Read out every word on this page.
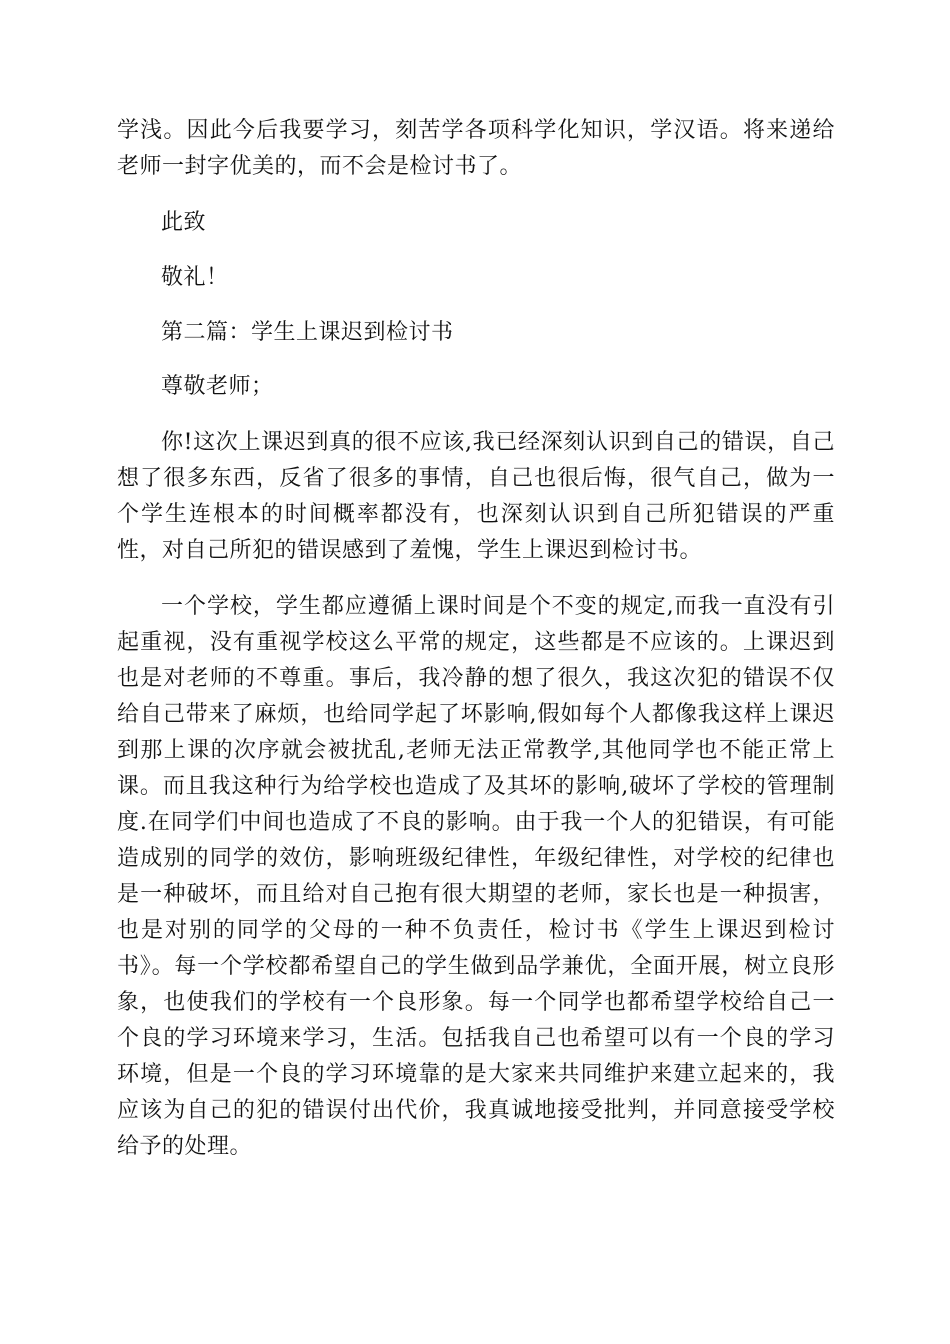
学浅。因此今后我要学习，刻苦学各项科学化知识，学汉语。将来递给老师一封字优美的，而不会是检讨书了。

此致

敬礼！

第二篇：学生上课迟到检讨书

尊敬老师；

你!这次上课迟到真的很不应该,我已经深刻认识到自己的错误，自己想了很多东西，反省了很多的事情，自己也很后悔，很气自己，做为一个学生连根本的时间概率都没有，也深刻认识到自己所犯错误的严重性，对自己所犯的错误感到了羞愧，学生上课迟到检讨书。

一个学校，学生都应遵循上课时间是个不变的规定,而我一直没有引起重视，没有重视学校这么平常的规定，这些都是不应该的。上课迟到也是对老师的不尊重。事后，我冷静的想了很久，我这次犯的错误不仅给自己带来了麻烦，也给同学起了坏影响,假如每个人都像我这样上课迟到那上课的次序就会被扰乱,老师无法正常教学,其他同学也不能正常上课。而且我这种行为给学校也造成了及其坏的影响,破坏了学校的管理制度.在同学们中间也造成了不良的影响。由于我一个人的犯错误，有可能造成别的同学的效仿，影响班级纪律性，年级纪律性，对学校的纪律也是一种破坏，而且给对自己抱有很大期望的老师，家长也是一种损害，也是对别的同学的父母的一种不负责任，检讨书《学生上课迟到检讨书》。每一个学校都希望自己的学生做到品学兼优，全面开展，树立良形象，也使我们的学校有一个良形象。每一个同学也都希望学校给自己一个良的学习环境来学习，生活。包括我自己也希望可以有一个良的学习环境，但是一个良的学习环境靠的是大家来共同维护来建立起来的，我应该为自己的犯的错误付出代价，我真诚地接受批判，并同意接受学校给予的处理。
